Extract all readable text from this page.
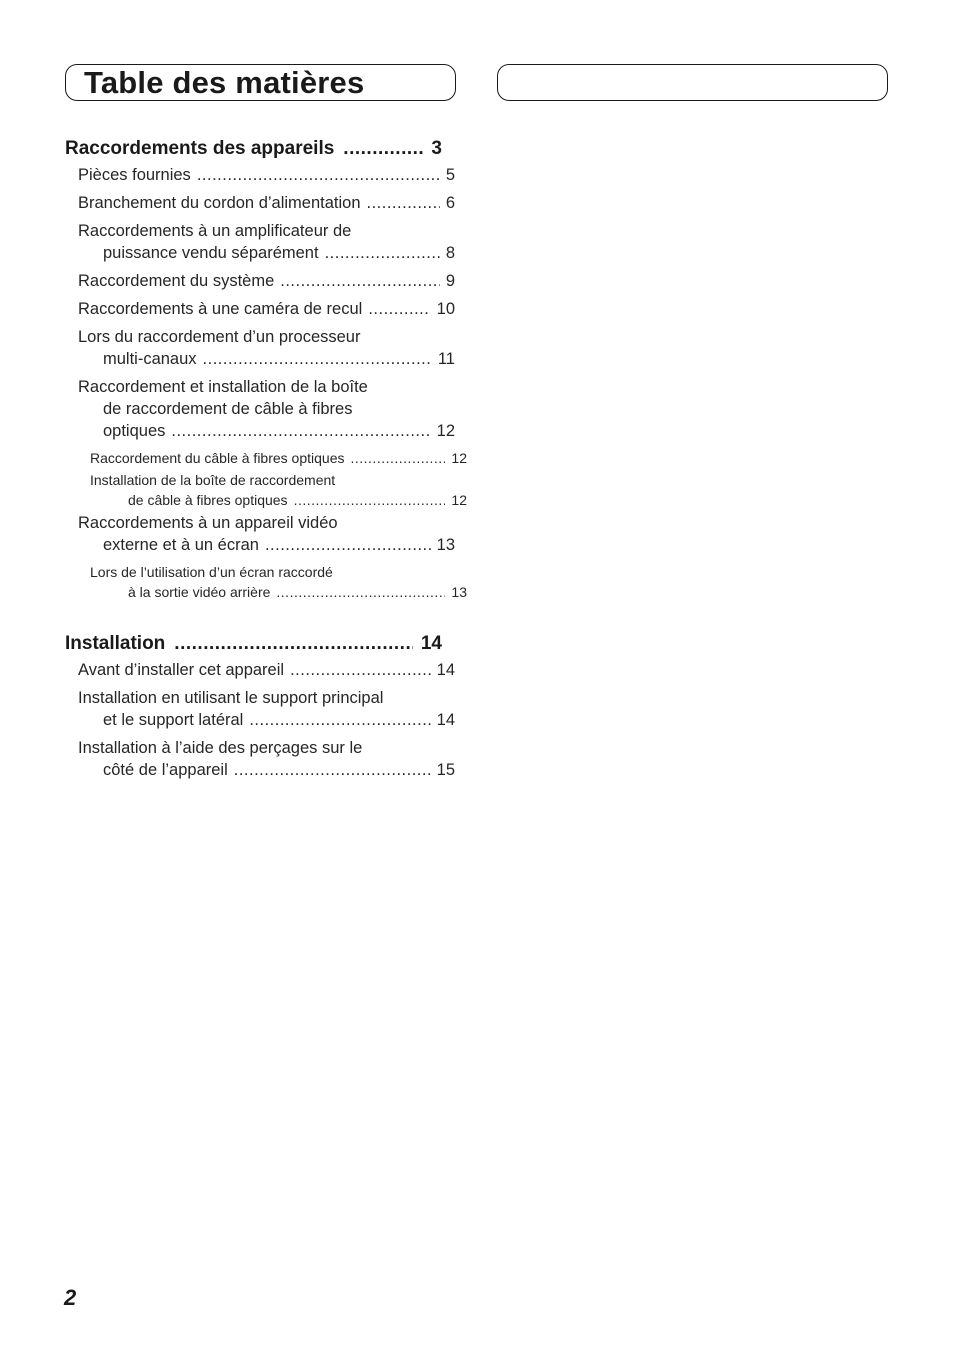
Table des matières
Raccordements des appareils .....	3
Pièces fournies .....	5
Branchement du cordon d’alimentation .....	6
Raccordements à un amplificateur de
puissance vendu séparément .....	8
Raccordement du système .....	9
Raccordements à une caméra de recul .....	10
Lors du raccordement d’un processeur
multi-canaux .....	11
Raccordement et installation de la boîte
de raccordement de câble à fibres
optiques .....	12
Raccordement du câble à fibres optiques .....	12
Installation de la boîte de raccordement
de câble à fibres optiques .....	12
Raccordements à un appareil vidéo
externe et à un écran .....	13
Lors de l’utilisation d’un écran raccordé
à la sortie vidéo arrière .....	13
Installation .....	14
Avant d’installer cet appareil .....	14
Installation en utilisant le support principal
et le support latéral .....	14
Installation à l’aide des perçages sur le
côté de l’appareil .....	15
2
